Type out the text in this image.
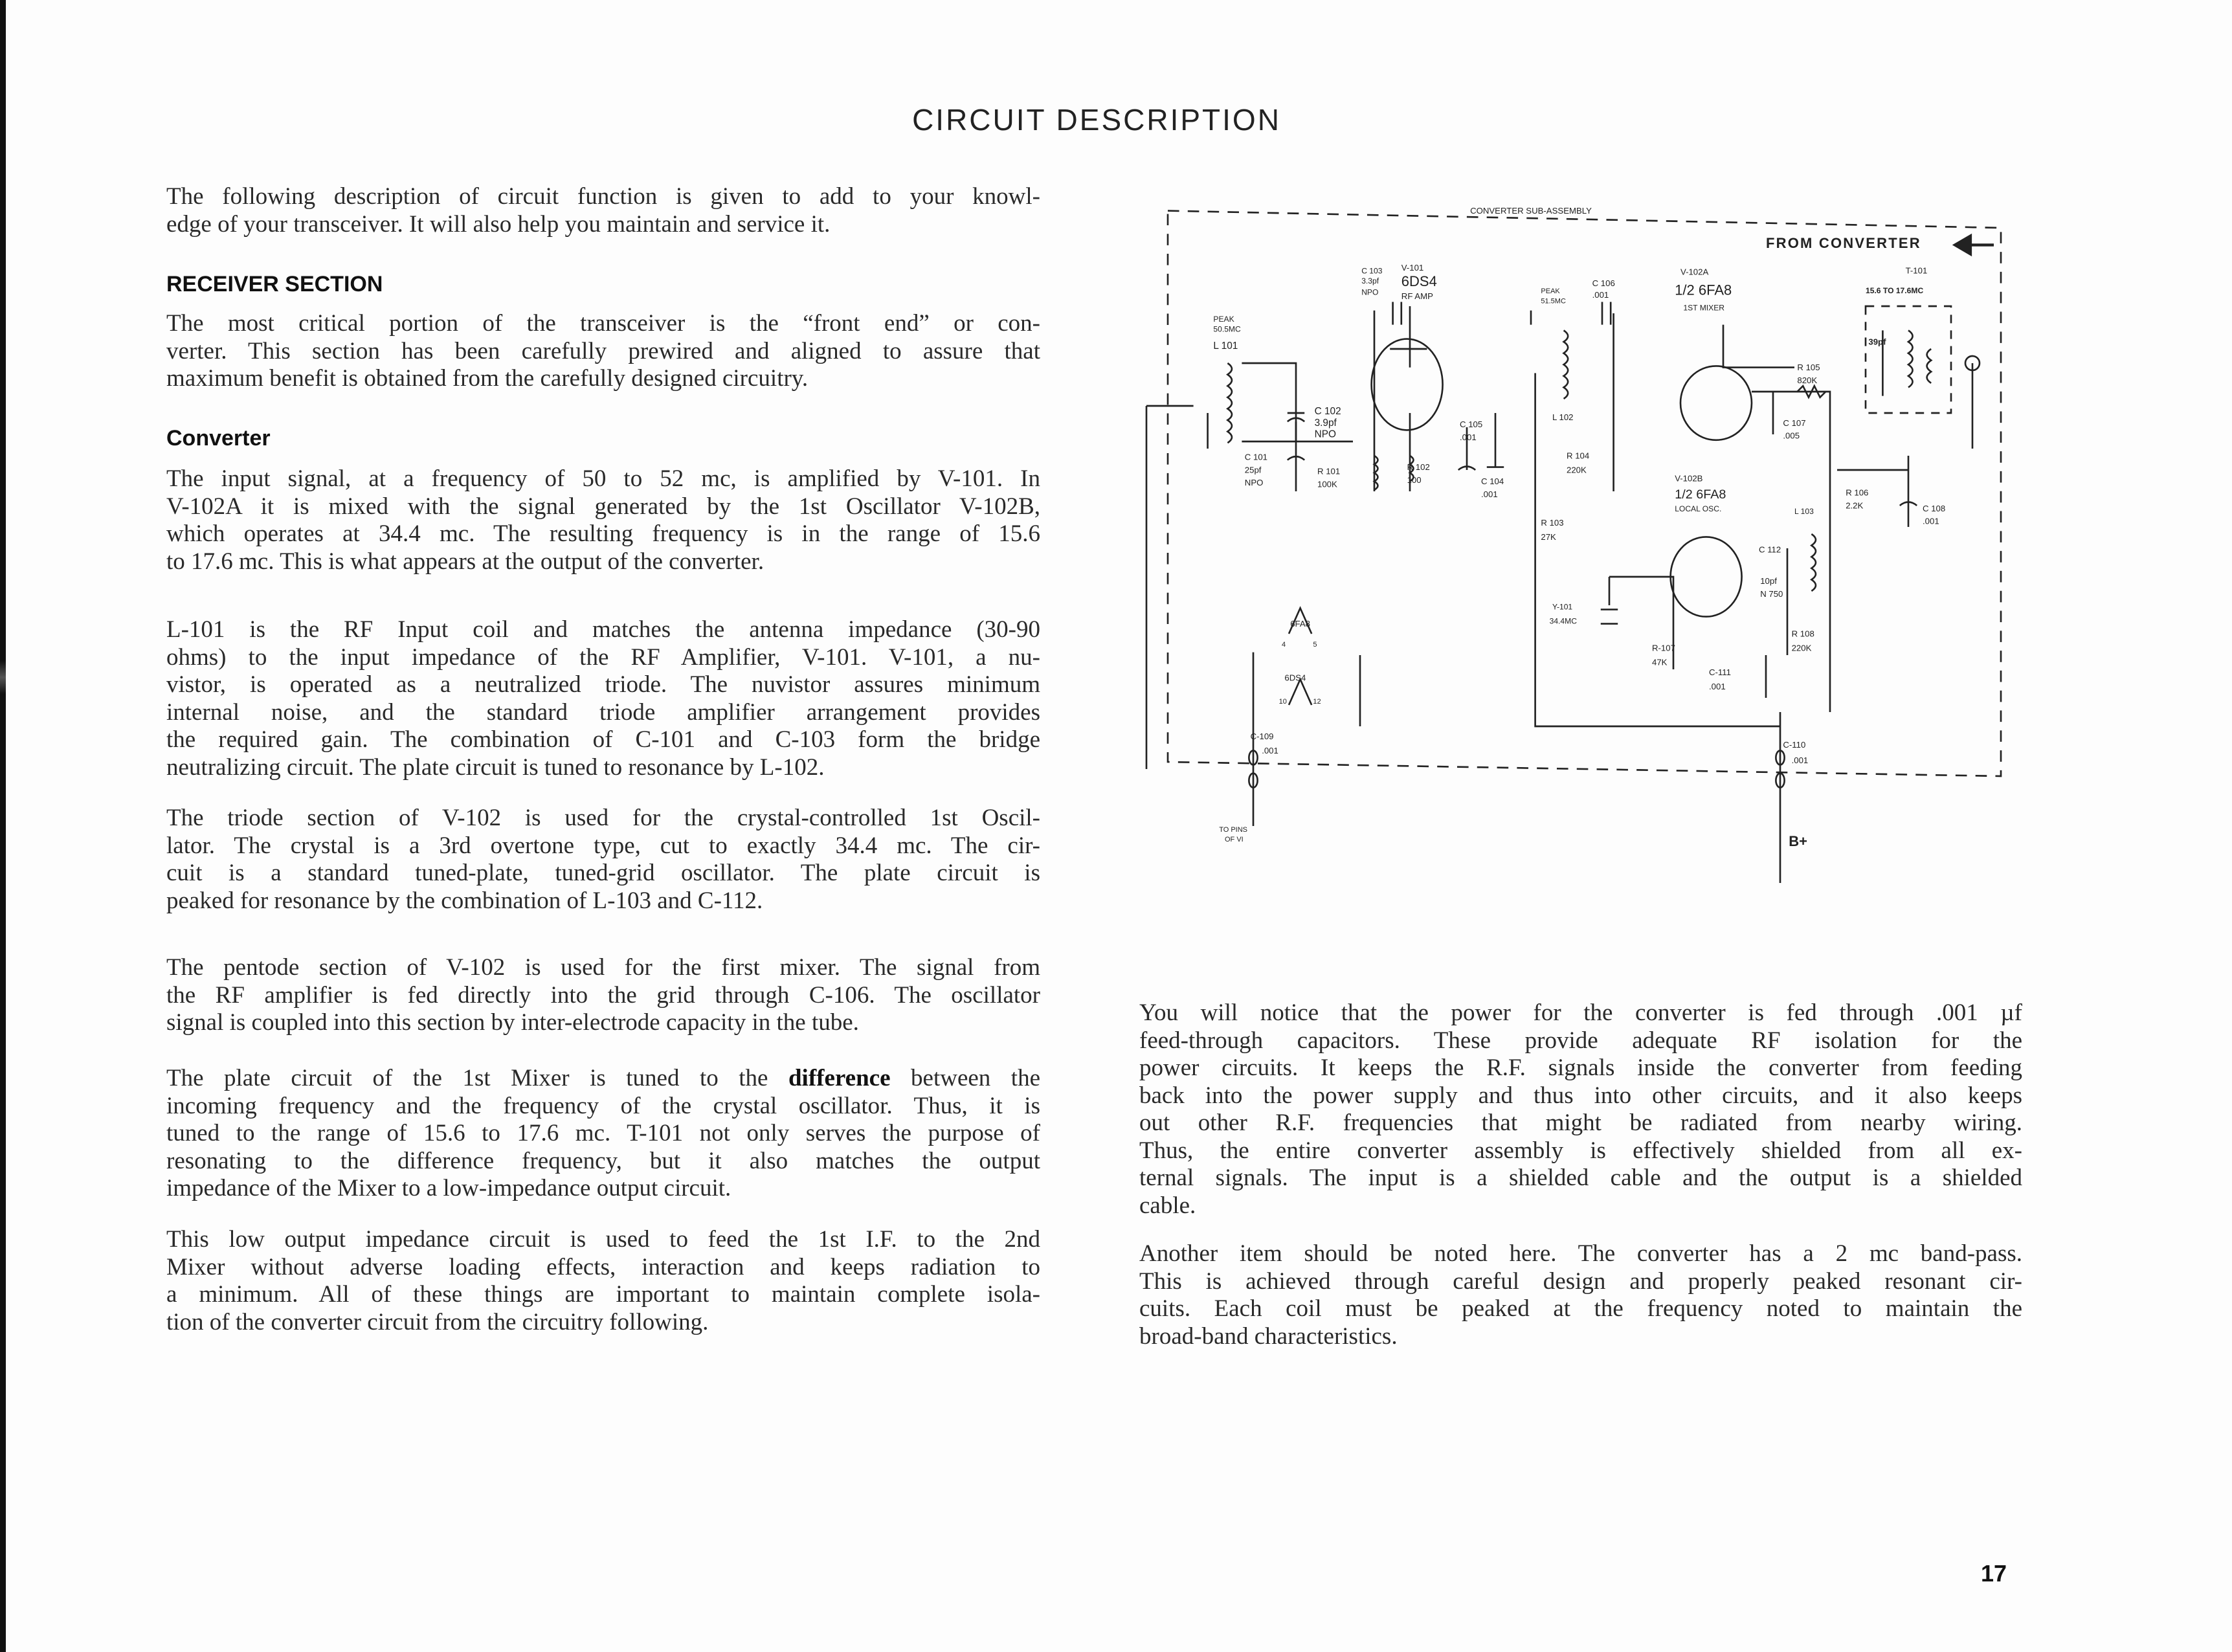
CIRCUIT DESCRIPTION
The following description of circuit function is given to add to your knowl-
edge of your transceiver. It will also help you maintain and service it.
RECEIVER SECTION
The most critical portion of the transceiver is the “front end” or con-
verter. This section has been carefully prewired and aligned to assure that
maximum benefit is obtained from the carefully designed circuitry.
Converter
The input signal, at a frequency of 50 to 52 mc, is amplified by V-101. In
V-102A it is mixed with the signal generated by the 1st Oscillator V-102B,
which operates at 34.4 mc. The resulting frequency is in the range of 15.6
to 17.6 mc. This is what appears at the output of the converter.
L-101 is the RF Input coil and matches the antenna impedance (30-90
ohms) to the input impedance of the RF Amplifier, V-101. V-101, a nu-
vistor, is operated as a neutralized triode. The nuvistor assures minimum
internal noise, and the standard triode amplifier arrangement provides
the required gain. The combination of C-101 and C-103 form the bridge
neutralizing circuit. The plate circuit is tuned to resonance by L-102.
The triode section of V-102 is used for the crystal-controlled 1st Oscil-
lator. The crystal is a 3rd overtone type, cut to exactly 34.4 mc. The cir-
cuit is a standard tuned-plate, tuned-grid oscillator. The plate circuit is
peaked for resonance by the combination of L-103 and C-112.
The pentode section of V-102 is used for the first mixer. The signal from
the RF amplifier is fed directly into the grid through C-106. The oscillator
signal is coupled into this section by inter-electrode capacity in the tube.
The plate circuit of the 1st Mixer is tuned to the difference between the
incoming frequency and the frequency of the crystal oscillator. Thus, it is
tuned to the range of 15.6 to 17.6 mc. T-101 not only serves the purpose of
resonating to the difference frequency, but it also matches the output
impedance of the Mixer to a low-impedance output circuit.
This low output impedance circuit is used to feed the 1st I.F. to the 2nd
Mixer without adverse loading effects, interaction and keeps radiation to
a minimum. All of these things are important to maintain complete isola-
tion of the converter circuit from the circuitry following.
You will notice that the power for the converter is fed through .001 µf
feed-through capacitors. These provide adequate RF isolation for the
power circuits. It keeps the R.F. signals inside the converter from feeding
back into the power supply and thus into other circuits, and it also keeps
out other R.F. frequencies that might be radiated from nearby wiring.
Thus, the entire converter assembly is effectively shielded from all ex-
ternal signals. The input is a shielded cable and the output is a shielded
cable.
Another item should be noted here. The converter has a 2 mc band-pass.
This is achieved through careful design and properly peaked resonant cir-
cuits. Each coil must be peaked at the frequency noted to maintain the
broad-band characteristics.
17
CONVERTER SUB-ASSEMBLY
FROM CONVERTER
PEAK
50.5MC
L 101
C 103
3.3pf
NPO
V-101
6DS4
RF AMP
C 102
3.9pf
NPO
C 101
25pf
NPO
R 101
100K
R 102
100
C 105
.001
C 104
.001
PEAK
51.5MC
C 106
.001
L 102
R 104
220K
R 103
27K
V-102A
1/2 6FA8
1ST MIXER
R 105
820K
C 107
.005
T-101
15.6 TO 17.6MC
39pf
V-102B
1/2 6FA8
LOCAL OSC.
R 106
2.2K	C 108
.001
L 103
C 112
10pf
N 750
Y-101
34.4MC
R-107
47K
R 108
220K
C-111
.001
6FA8
4	5
6DS4
10	12
C-109
.001
C-110
.001
TO PINS
OF VI	B+
